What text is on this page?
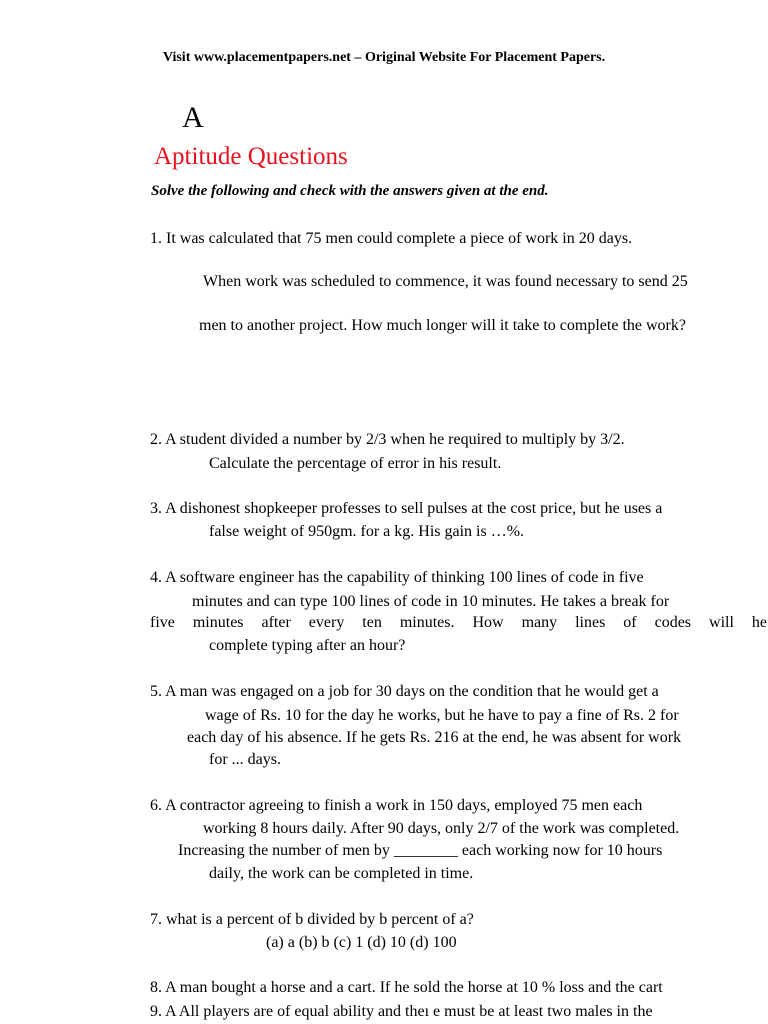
Visit www.placementpapers.net – Original Website For Placement Papers.
A
Aptitude Questions
Solve the following and check with the answers given at the end.
1. It was calculated that 75 men could complete a piece of work in 20 days.
When work was scheduled to commence, it was found necessary to send 25
men to another project. How much longer will it take to complete the work?
2. A student divided a number by 2/3 when he required to multiply by 3/2.
Calculate the percentage of error in his result.
3. A dishonest shopkeeper professes to sell pulses at the cost price, but he uses a
false weight of 950gm. for a kg. His gain is …%.
4. A software engineer has the capability of thinking 100 lines of code in five
minutes and can type 100 lines of code in 10 minutes. He takes a break for
five minutes after every ten minutes. How many lines of codes will he
complete typing after an hour?
5. A man was engaged on a job for 30 days on the condition that he would get a
wage of Rs. 10 for the day he works, but he have to pay a fine of Rs. 2 for
each day of his absence. If he gets Rs. 216 at the end, he was absent for work
for ... days.
6. A contractor agreeing to finish a work in 150 days, employed 75 men each
working 8 hours daily. After 90 days, only 2/7 of the work was completed.
Increasing the number of men by ________ each working now for 10 hours
daily, the work can be completed in time.
7. what is a percent of b divided by b percent of a?
(a) a (b) b (c) 1 (d) 10 (d) 100
8. A man bought a horse and a cart. If he sold the horse at 10 % loss and the cart
9. A All players are of equal ability and theı e must be at least two males in the
